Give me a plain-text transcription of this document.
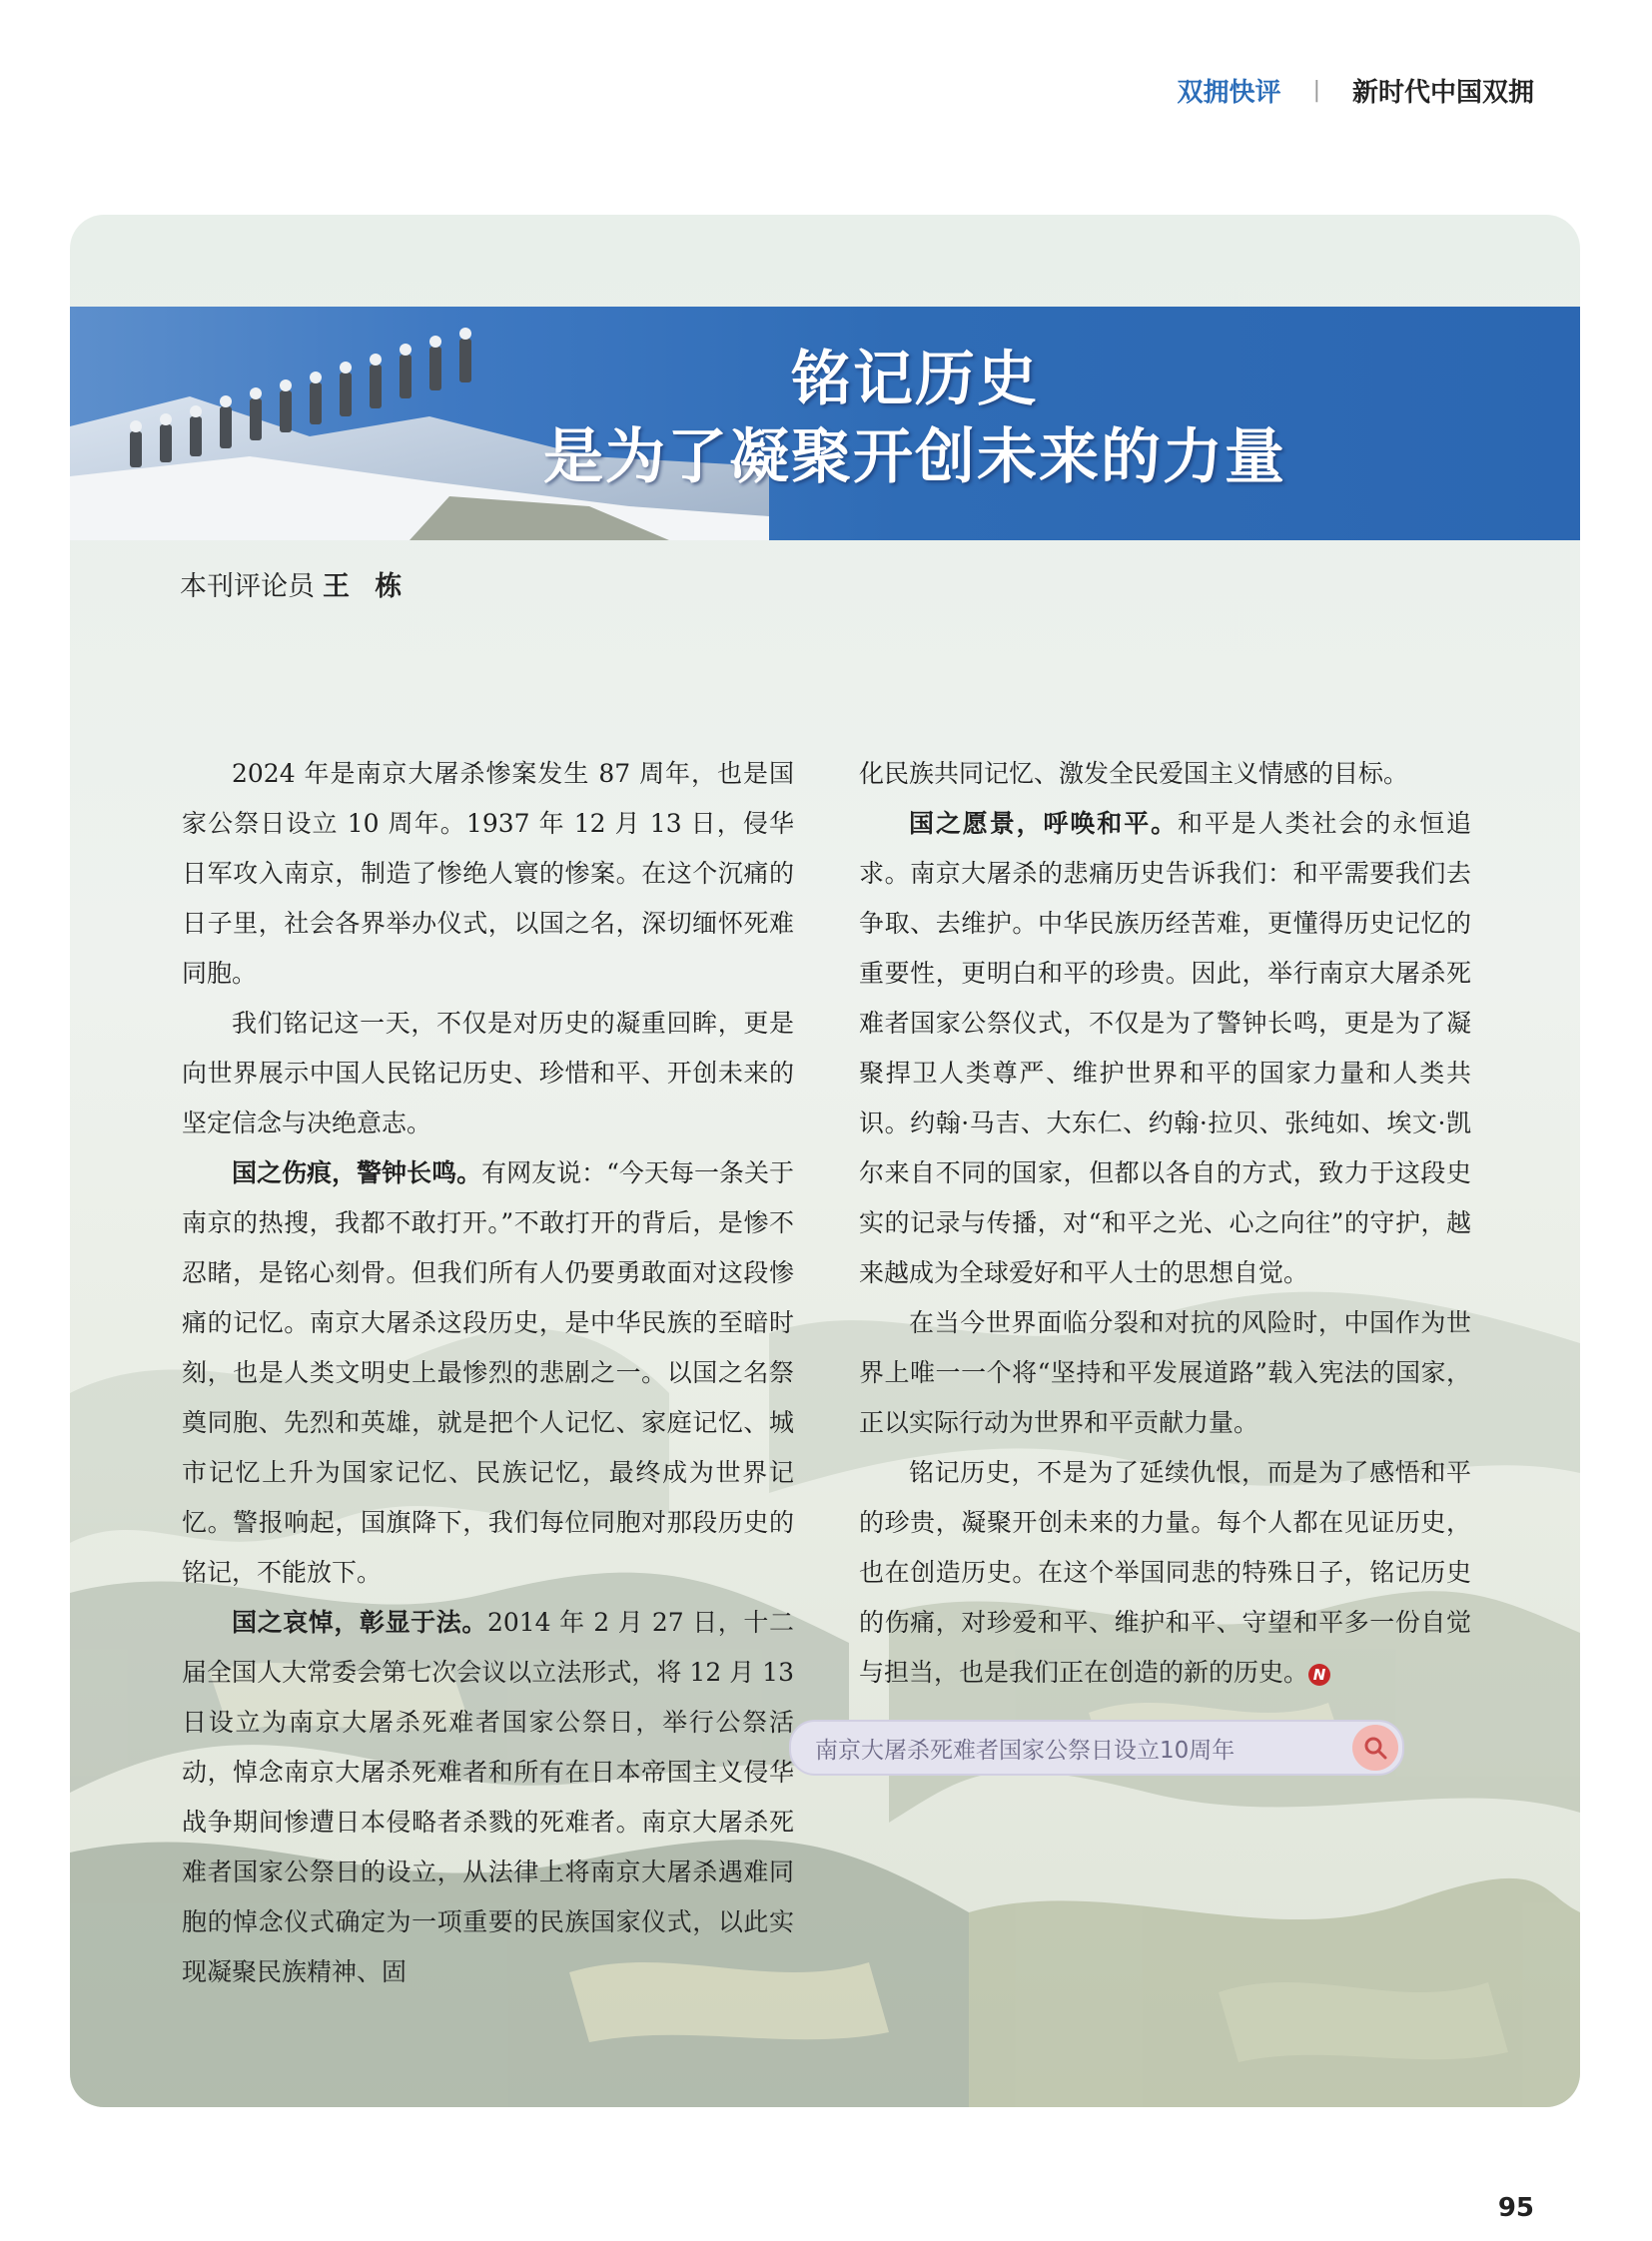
双拥快评 | 新时代中国双拥
铭记历史
是为了凝聚开创未来的力量
本刊评论员 王 栋

2024 年是南京大屠杀惨案发生 87 周年，也是国家公祭日设立 10 周年。1937 年 12 月 13 日，侵华日军攻入南京，制造了惨绝人寰的惨案。在这个沉痛的日子里，社会各界举办仪式，以国之名，深切缅怀死难同胞。

我们铭记这一天，不仅是对历史的凝重回眸，更是向世界展示中国人民铭记历史、珍惜和平、开创未来的坚定信念与决绝意志。

国之伤痕，警钟长鸣。有网友说：“今天每一条关于南京的热搜，我都不敢打开。”不敢打开的背后，是惨不忍睹，是铭心刻骨。但我们所有人仍要勇敢面对这段惨痛的记忆。南京大屠杀这段历史，是中华民族的至暗时刻，也是人类文明史上最惨烈的悲剧之一。以国之名祭奠同胞、先烈和英雄，就是把个人记忆、家庭记忆、城市记忆上升为国家记忆、民族记忆，最终成为世界记忆。警报响起，国旗降下，我们每位同胞对那段历史的铭记，不能放下。

国之哀悼，彰显于法。2014 年 2 月 27 日，十二届全国人大常委会第七次会议以立法形式，将 12 月 13 日设立为南京大屠杀死难者国家公祭日，举行公祭活动，悼念南京大屠杀死难者和所有在日本帝国主义侵华战争期间惨遭日本侵略者杀戮的死难者。南京大屠杀死难者国家公祭日的设立，从法律上将南京大屠杀遇难同胞的悼念仪式确定为一项重要的民族国家仪式，以此实现凝聚民族精神、固

化民族共同记忆、激发全民爱国主义情感的目标。

国之愿景，呼唤和平。和平是人类社会的永恒追求。南京大屠杀的悲痛历史告诉我们：和平需要我们去争取、去维护。中华民族历经苦难，更懂得历史记忆的重要性，更明白和平的珍贵。因此，举行南京大屠杀死难者国家公祭仪式，不仅是为了警钟长鸣，更是为了凝聚捍卫人类尊严、维护世界和平的国家力量和人类共识。约翰·马吉、大东仁、约翰·拉贝、张纯如、埃文·凯尔来自不同的国家，但都以各自的方式，致力于这段史实的记录与传播，对“和平之光、心之向往”的守护，越来越成为全球爱好和平人士的思想自觉。

在当今世界面临分裂和对抗的风险时，中国作为世界上唯一一个将“坚持和平发展道路”载入宪法的国家，正以实际行动为世界和平贡献力量。

铭记历史，不是为了延续仇恨，而是为了感悟和平的珍贵，凝聚开创未来的力量。每个人都在见证历史，也在创造历史。在这个举国同悲的特殊日子，铭记历史的伤痛，对珍爱和平、维护和平、守望和平多一份自觉与担当，也是我们正在创造的新的历史。 N

南京大屠杀死难者国家公祭日设立10周年
95
